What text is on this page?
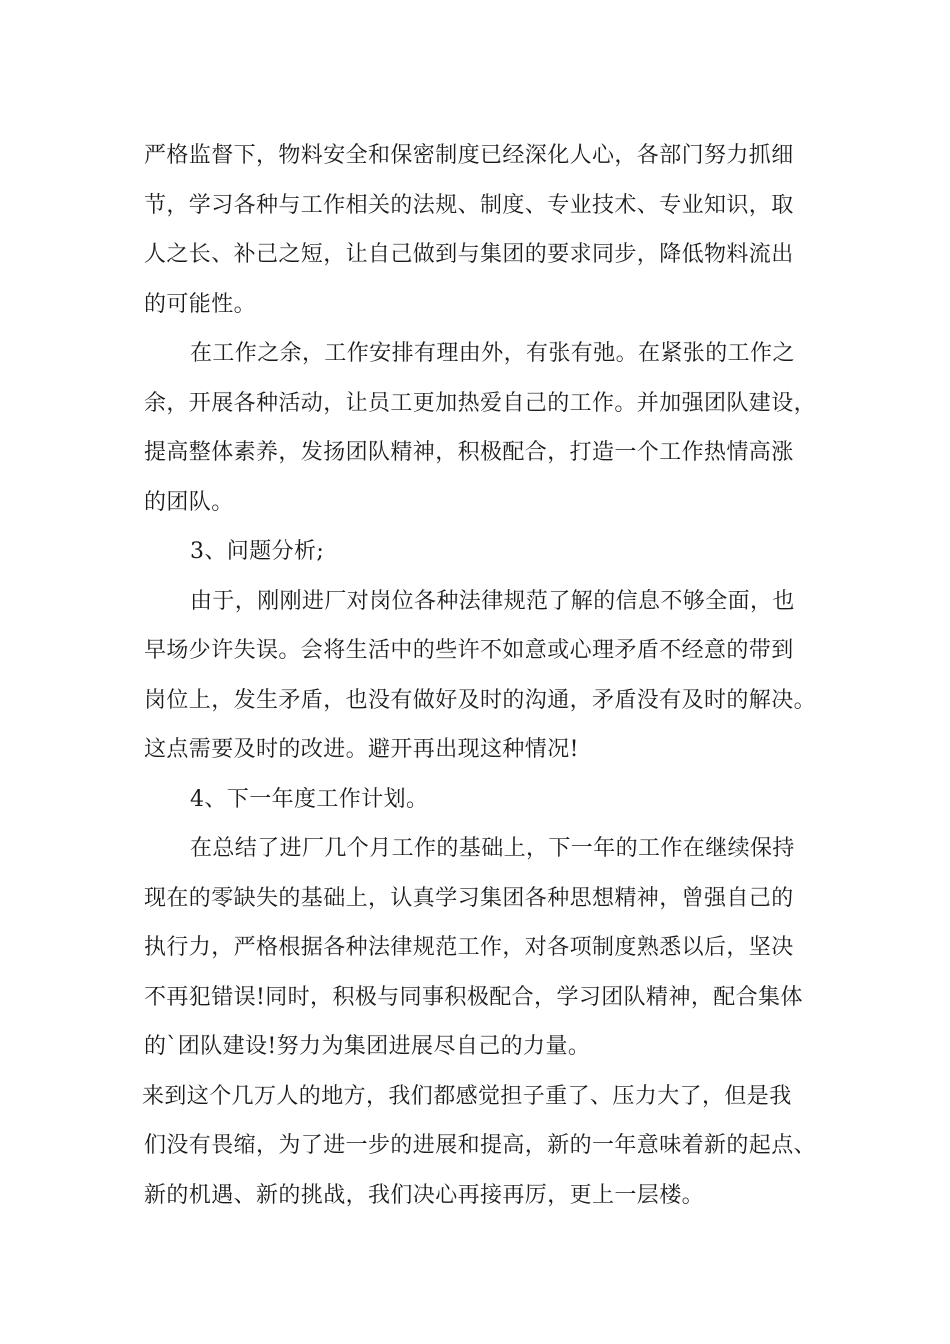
严格监督下，物料安全和保密制度已经深化人心，各部门努力抓细
节，学习各种与工作相关的法规、制度、专业技术、专业知识，取
人之长、补己之短，让自己做到与集团的要求同步，降低物料流出
的可能性。
在工作之余，工作安排有理由外，有张有弛。在紧张的工作之
余，开展各种活动，让员工更加热爱自己的工作。并加强团队建设，
提高整体素养，发扬团队精神，积极配合，打造一个工作热情高涨
的团队。
3、问题分析;
由于，刚刚进厂对岗位各种法律规范了解的信息不够全面，也
早场少许失误。会将生活中的些许不如意或心理矛盾不经意的带到
岗位上，发生矛盾，也没有做好及时的沟通，矛盾没有及时的解决。
这点需要及时的改进。避开再出现这种情况!
4、下一年度工作计划。
在总结了进厂几个月工作的基础上，下一年的工作在继续保持
现在的零缺失的基础上，认真学习集团各种思想精神，曾强自己的
执行力，严格根据各种法律规范工作，对各项制度熟悉以后，坚决
不再犯错误!同时，积极与同事积极配合，学习团队精神，配合集体
的`团队建设!努力为集团进展尽自己的力量。
来到这个几万人的地方，我们都感觉担子重了、压力大了，但是我
们没有畏缩，为了进一步的进展和提高，新的一年意味着新的起点、
新的机遇、新的挑战，我们决心再接再厉，更上一层楼。
